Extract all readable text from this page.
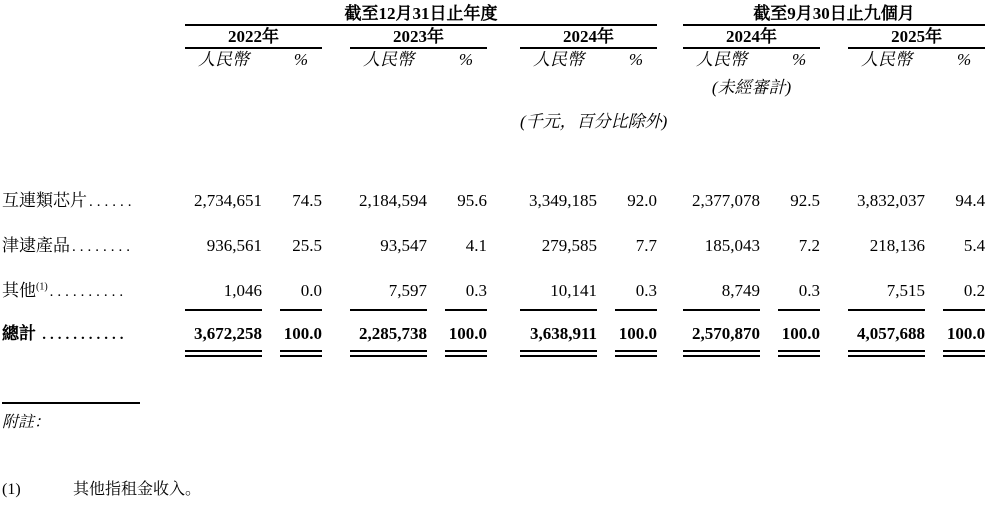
	截至12月31日止年度												截至9月30日止九個月						
	2022年				2023年				2024年				2024年				2025年		
	人民幣		%		人民幣		%		人民幣		%		人民幣		%		人民幣		%
													(未經審計)						
									(千元，百分比除外)										

互連類芯片 ......	2,734,651		74.5		2,184,594		95.6		3,349,185		92.0		2,377,078		92.5		3,832,037		94.4
津逮產品 ........	936,561		25.5		93,547		4.1		279,585		7.7		185,043		7.2		218,136		5.4
其他$^{(1)}$ ..........	1,046		0.0		7,597		0.3		10,141		0.3		8,749		0.3		7,515		0.2
總計 ...........	3,672,258		100.0		2,285,738		100.0		3,638,911		100.0		2,570,870		100.0		4,057,688		100.0
附註：
(1)	其他指租金收入。
